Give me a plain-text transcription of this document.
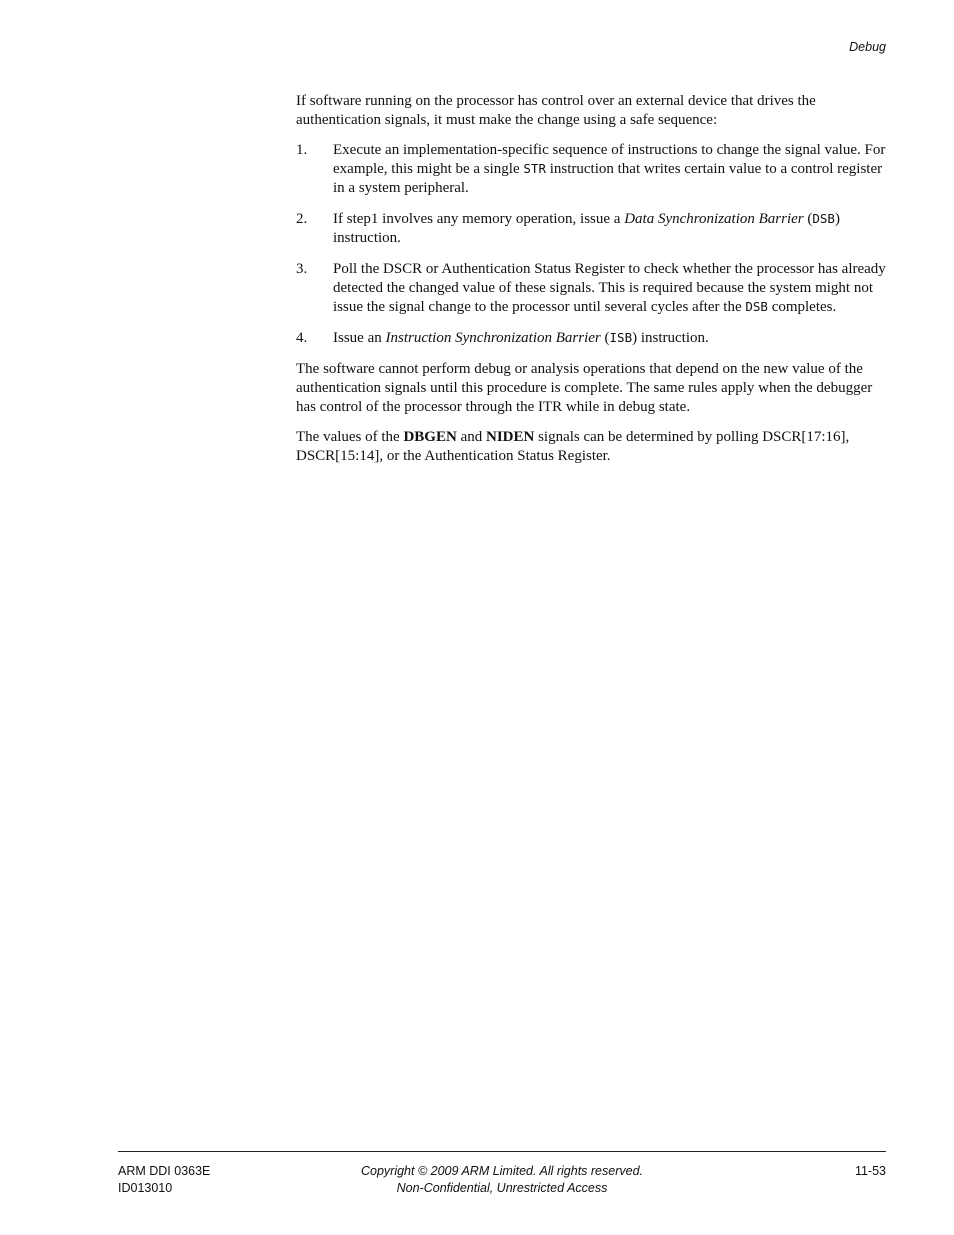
Debug

If software running on the processor has control over an external device that drives the authentication signals, it must make the change using a safe sequence:

1.	Execute an implementation-specific sequence of instructions to change the signal value. For example, this might be a single STR instruction that writes certain value to a control register in a system peripheral.
2.	If step1 involves any memory operation, issue a Data Synchronization Barrier (DSB) instruction.
3.	Poll the DSCR or Authentication Status Register to check whether the processor has already detected the changed value of these signals. This is required because the system might not issue the signal change to the processor until several cycles after the DSB completes.
4.	Issue an Instruction Synchronization Barrier (ISB) instruction.

The software cannot perform debug or analysis operations that depend on the new value of the authentication signals until this procedure is complete. The same rules apply when the debugger has control of the processor through the ITR while in debug state.

The values of the DBGEN and NIDEN signals can be determined by polling DSCR[17:16], DSCR[15:14], or the Authentication Status Register.

ARM DDI 0363E
ID013010
Copyright © 2009 ARM Limited. All rights reserved.
Non-Confidential, Unrestricted Access
11-53
